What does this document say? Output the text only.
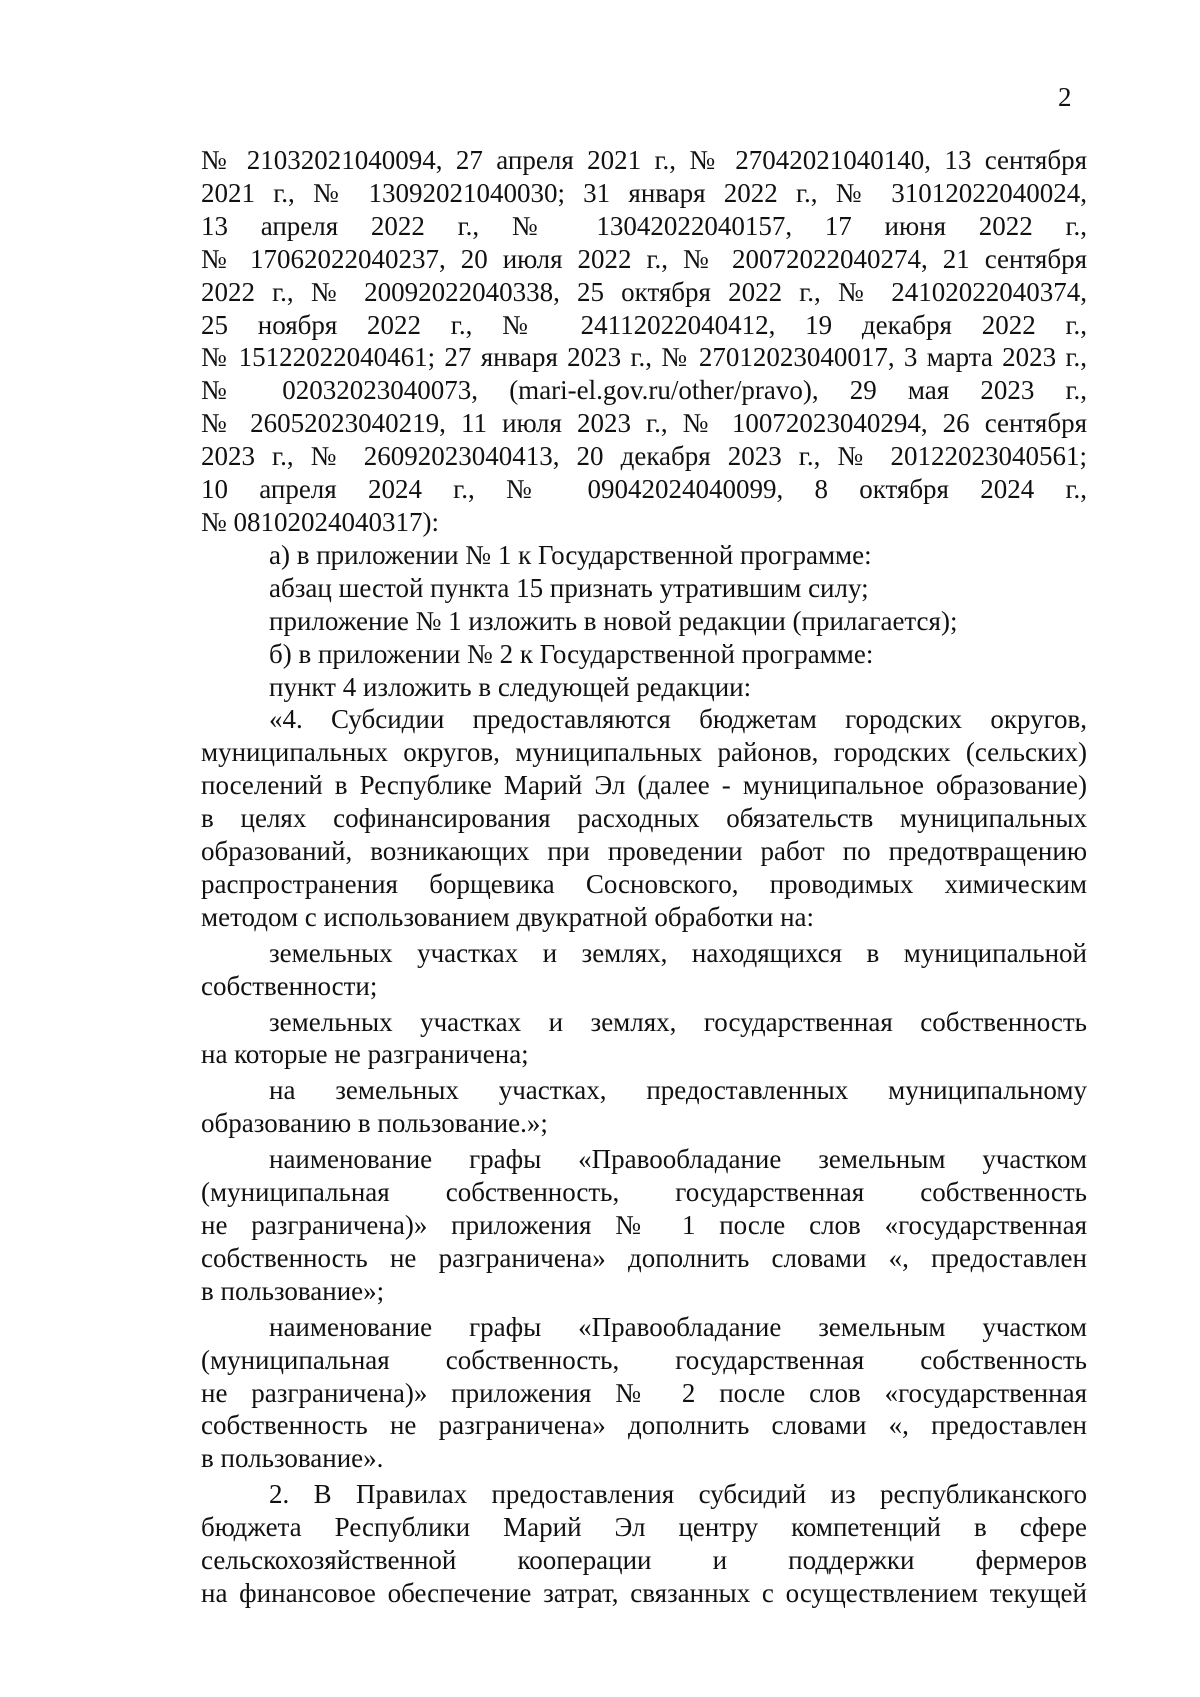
2
№ 21032021040094, 27 апреля 2021 г., № 27042021040140, 13 сентября
2021 г., № 13092021040030; 31 января 2022 г., № 31012022040024,
13 апреля 2022 г., № 13042022040157, 17 июня 2022 г.,
№ 17062022040237, 20 июля 2022 г., № 20072022040274, 21 сентября
2022 г., № 20092022040338, 25 октября 2022 г., № 24102022040374,
25 ноября 2022 г., № 24112022040412, 19 декабря 2022 г.,
№ 15122022040461; 27 января 2023 г., № 27012023040017, 3 марта 2023 г.,
№ 02032023040073, (mari-el.gov.ru/other/pravo), 29 мая 2023 г.,
№ 26052023040219, 11 июля 2023 г., № 10072023040294, 26 сентября
2023 г., № 26092023040413, 20 декабря 2023 г., № 20122023040561;
10 апреля 2024 г., № 09042024040099, 8 октября 2024 г.,
№ 08102024040317):
а) в приложении № 1 к Государственной программе:
абзац шестой пункта 15 признать утратившим силу;
приложение № 1 изложить в новой редакции (прилагается);
б) в приложении № 2 к Государственной программе:
пункт 4 изложить в следующей редакции:
«4. Субсидии предоставляются бюджетам городских округов,
муниципальных округов, муниципальных районов, городских (сельских)
поселений в Республике Марий Эл (далее - муниципальное образование)
в целях софинансирования расходных обязательств муниципальных
образований, возникающих при проведении работ по предотвращению
распространения борщевика Сосновского, проводимых химическим
методом с использованием двукратной обработки на:
земельных участках и землях, находящихся в муниципальной
собственности;
земельных участках и землях, государственная собственность
на которые не разграничена;
на земельных участках, предоставленных муниципальному
образованию в пользование.»;
наименование графы «Правообладание земельным участком
(муниципальная собственность, государственная собственность
не разграничена)» приложения № 1 после слов «государственная
собственность не разграничена» дополнить словами «, предоставлен
в пользование»;
наименование графы «Правообладание земельным участком
(муниципальная собственность, государственная собственность
не разграничена)» приложения № 2 после слов «государственная
собственность не разграничена» дополнить словами «, предоставлен
в пользование».
2. В Правилах предоставления субсидий из республиканского
бюджета Республики Марий Эл центру компетенций в сфере
сельскохозяйственной кооперации и поддержки фермеров
на финансовое обеспечение затрат, связанных с осуществлением текущей
